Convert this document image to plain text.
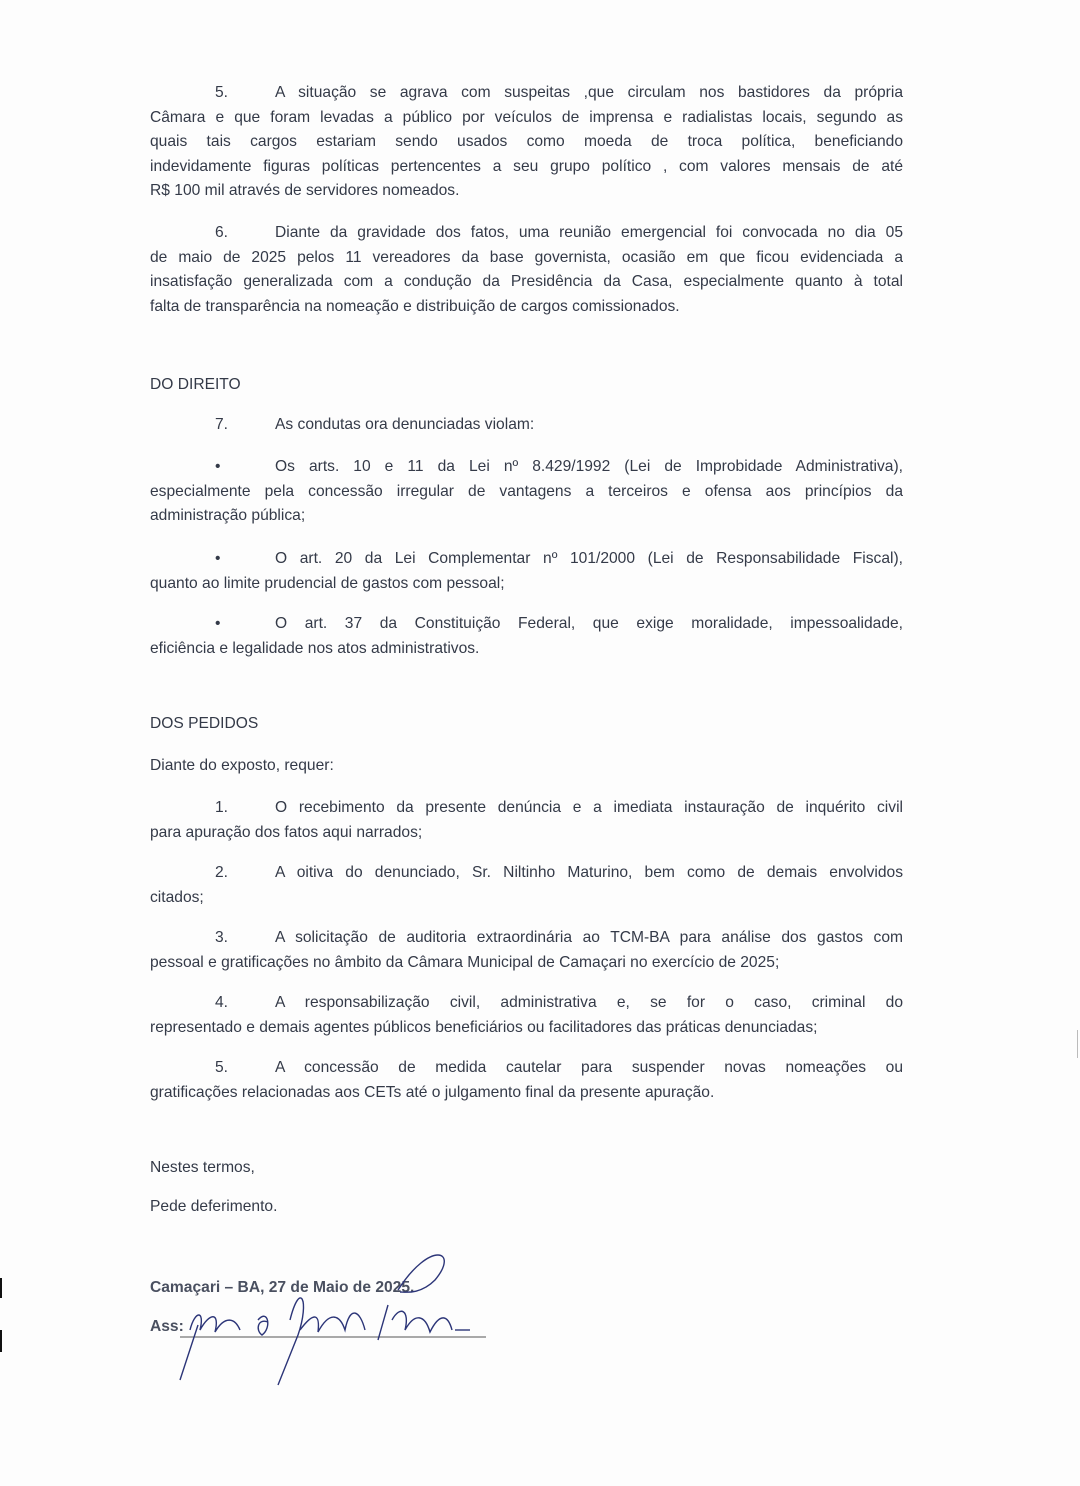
DO DIREITO
DOS PEDIDOS
Diante do exposto, requer:
Nestes termos,
Pede deferimento.
Camaçari – BA, 27 de Maio de 2025.
Ass:
A situação se agrava com suspeitas ,que circulam nos bastidores da própria
5.
Câmara e que foram levadas a público por veículos de imprensa e radialistas locais, segundo as
quais tais cargos estariam sendo usados como moeda de troca política, beneficiando
indevidamente figuras políticas pertencentes a seu grupo político , com valores mensais de até
R$ 100 mil através de servidores nomeados.
Diante da gravidade dos fatos, uma reunião emergencial foi convocada no dia 05
6.
de maio de 2025 pelos 11 vereadores da base governista, ocasião em que ficou evidenciada a
insatisfação generalizada com a condução da Presidência da Casa, especialmente quanto à total
falta de transparência na nomeação e distribuição de cargos comissionados.
As condutas ora denunciadas violam:
7.
Os arts. 10 e 11 da Lei nº 8.429/1992 (Lei de Improbidade Administrativa),
•
especialmente pela concessão irregular de vantagens a terceiros e ofensa aos princípios da
administração pública;
O art. 20 da Lei Complementar nº 101/2000 (Lei de Responsabilidade Fiscal),
•
quanto ao limite prudencial de gastos com pessoal;
O art. 37 da Constituição Federal, que exige moralidade, impessoalidade,
•
eficiência e legalidade nos atos administrativos.
O recebimento da presente denúncia e a imediata instauração de inquérito civil
1.
para apuração dos fatos aqui narrados;
A oitiva do denunciado, Sr. Niltinho Maturino, bem como de demais envolvidos
2.
citados;
A solicitação de auditoria extraordinária ao TCM-BA para análise dos gastos com
3.
pessoal e gratificações no âmbito da Câmara Municipal de Camaçari no exercício de 2025;
A responsabilização civil, administrativa e, se for o caso, criminal do
4.
representado e demais agentes públicos beneficiários ou facilitadores das práticas denunciadas;
A concessão de medida cautelar para suspender novas nomeações ou
5.
gratificações relacionadas aos CETs até o julgamento final da presente apuração.
